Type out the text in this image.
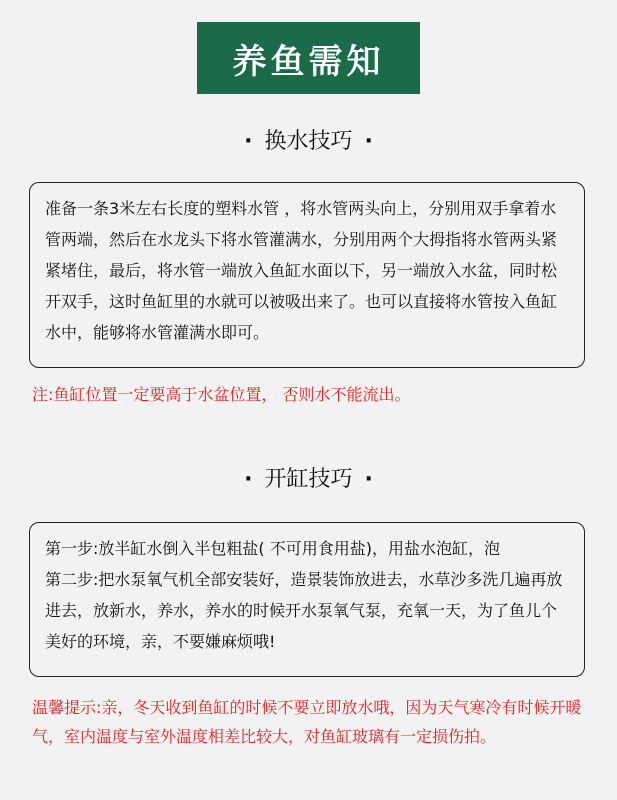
养鱼需知
· 换水技巧 ·

准备一条3米左右长度的塑料水管 ，将水管两头向上，分别用双手拿着水管两端，然后在水龙头下将水管灌满水，分别用两个大拇指将水管两头紧紧堵住，最后，将水管一端放入鱼缸水面以下，另一端放入水盆，同时松开双手，这时鱼缸里的水就可以被吸出来了。也可以直接将水管按入鱼缸水中，能够将水管灌满水即可。

注:鱼缸位置一定要高于水盆位置， 否则水不能流出。
· 开缸技巧 ·

第一步:放半缸水倒入半包粗盐( 不可用食用盐)，用盐水泡缸，泡

第二步:把水泵氧气机全部安装好，造景装饰放进去，水草沙多洗几遍再放进去，放新水，养水，养水的时候开水泵氧气泵，充氧一天，为了鱼儿个美好的环境，亲，不要嫌麻烦哦!

温馨提示:亲，冬天收到鱼缸的时候不要立即放水哦，因为天气寒冷有时候开暖气，室内温度与室外温度相差比较大，对鱼缸玻璃有一定损伤拍。
